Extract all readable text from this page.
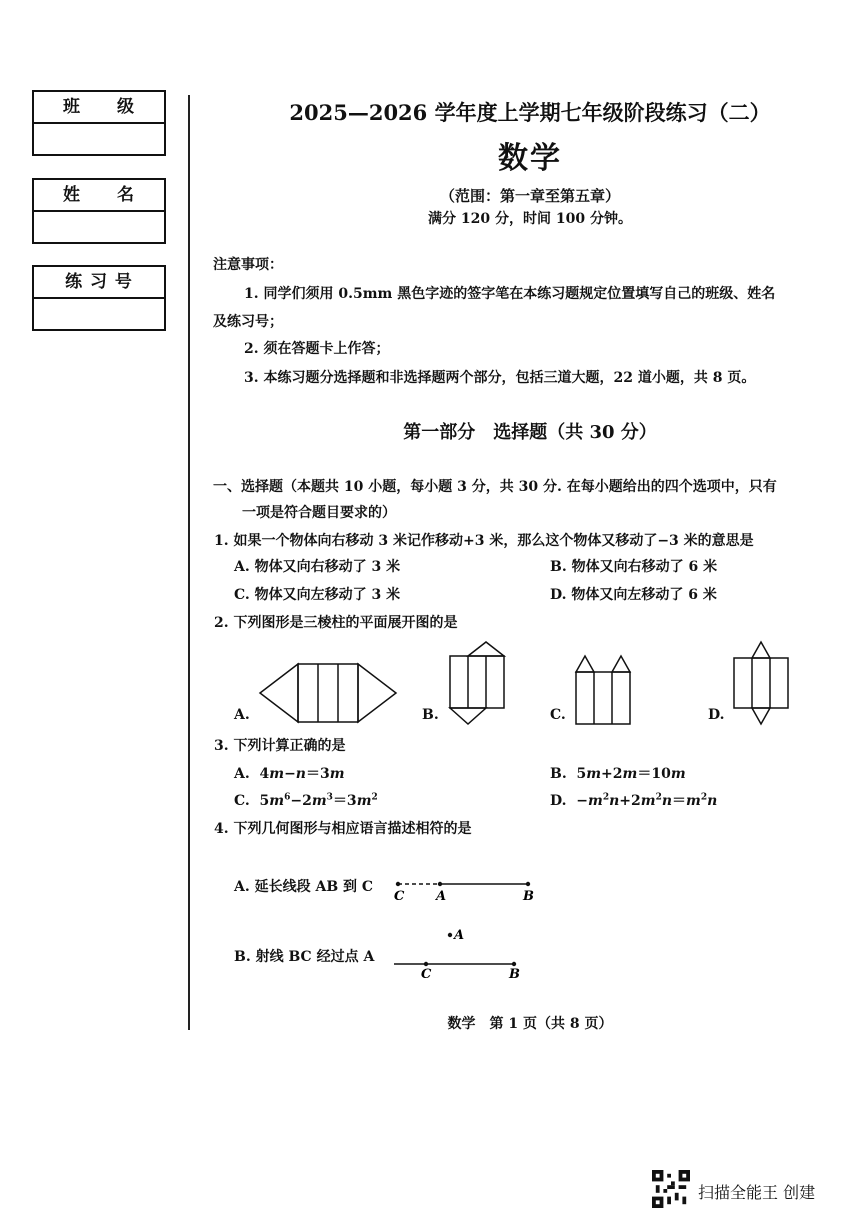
班　　级
姓　　名
练 习 号
2025—2026 学年度上学期七年级阶段练习（二）
数学
（范围：第一章至第五章）
满分 120 分，时间 100 分钟。
注意事项：
1. 同学们须用 0.5mm 黑色字迹的签字笔在本练习题规定位置填写自己的班级、姓名
及练习号；
2. 须在答题卡上作答；
3. 本练习题分选择题和非选择题两个部分，包括三道大题，22 道小题，共 8 页。
第一部分　选择题（共 30 分）
一、选择题（本题共 10 小题，每小题 3 分，共 30 分. 在每小题给出的四个选项中，只有
一项是符合题目要求的）
1. 如果一个物体向右移动 3 米记作移动+3 米，那么这个物体又移动了−3 米的意思是
A. 物体又向右移动了 3 米	B. 物体又向右移动了 6 米
C. 物体又向左移动了 3 米	D. 物体又向左移动了 6 米
2. 下列图形是三棱柱的平面展开图的是
A.	B.	C.	D.
3. 下列计算正确的是
A.  4m−n＝3m	B.  5m+2m＝10m
C.  $5m^6-2m^3=3m^2$	D.  $-m^2n+2m^2n=m^2n$
4. 下列几何图形与相应语言描述相符的是
A. 延长线段 AB 到 C
C A	B
B. 射线 BC 经过点 A
A
C	B
数学　第 1 页（共 8 页）
扫描全能王 创建
